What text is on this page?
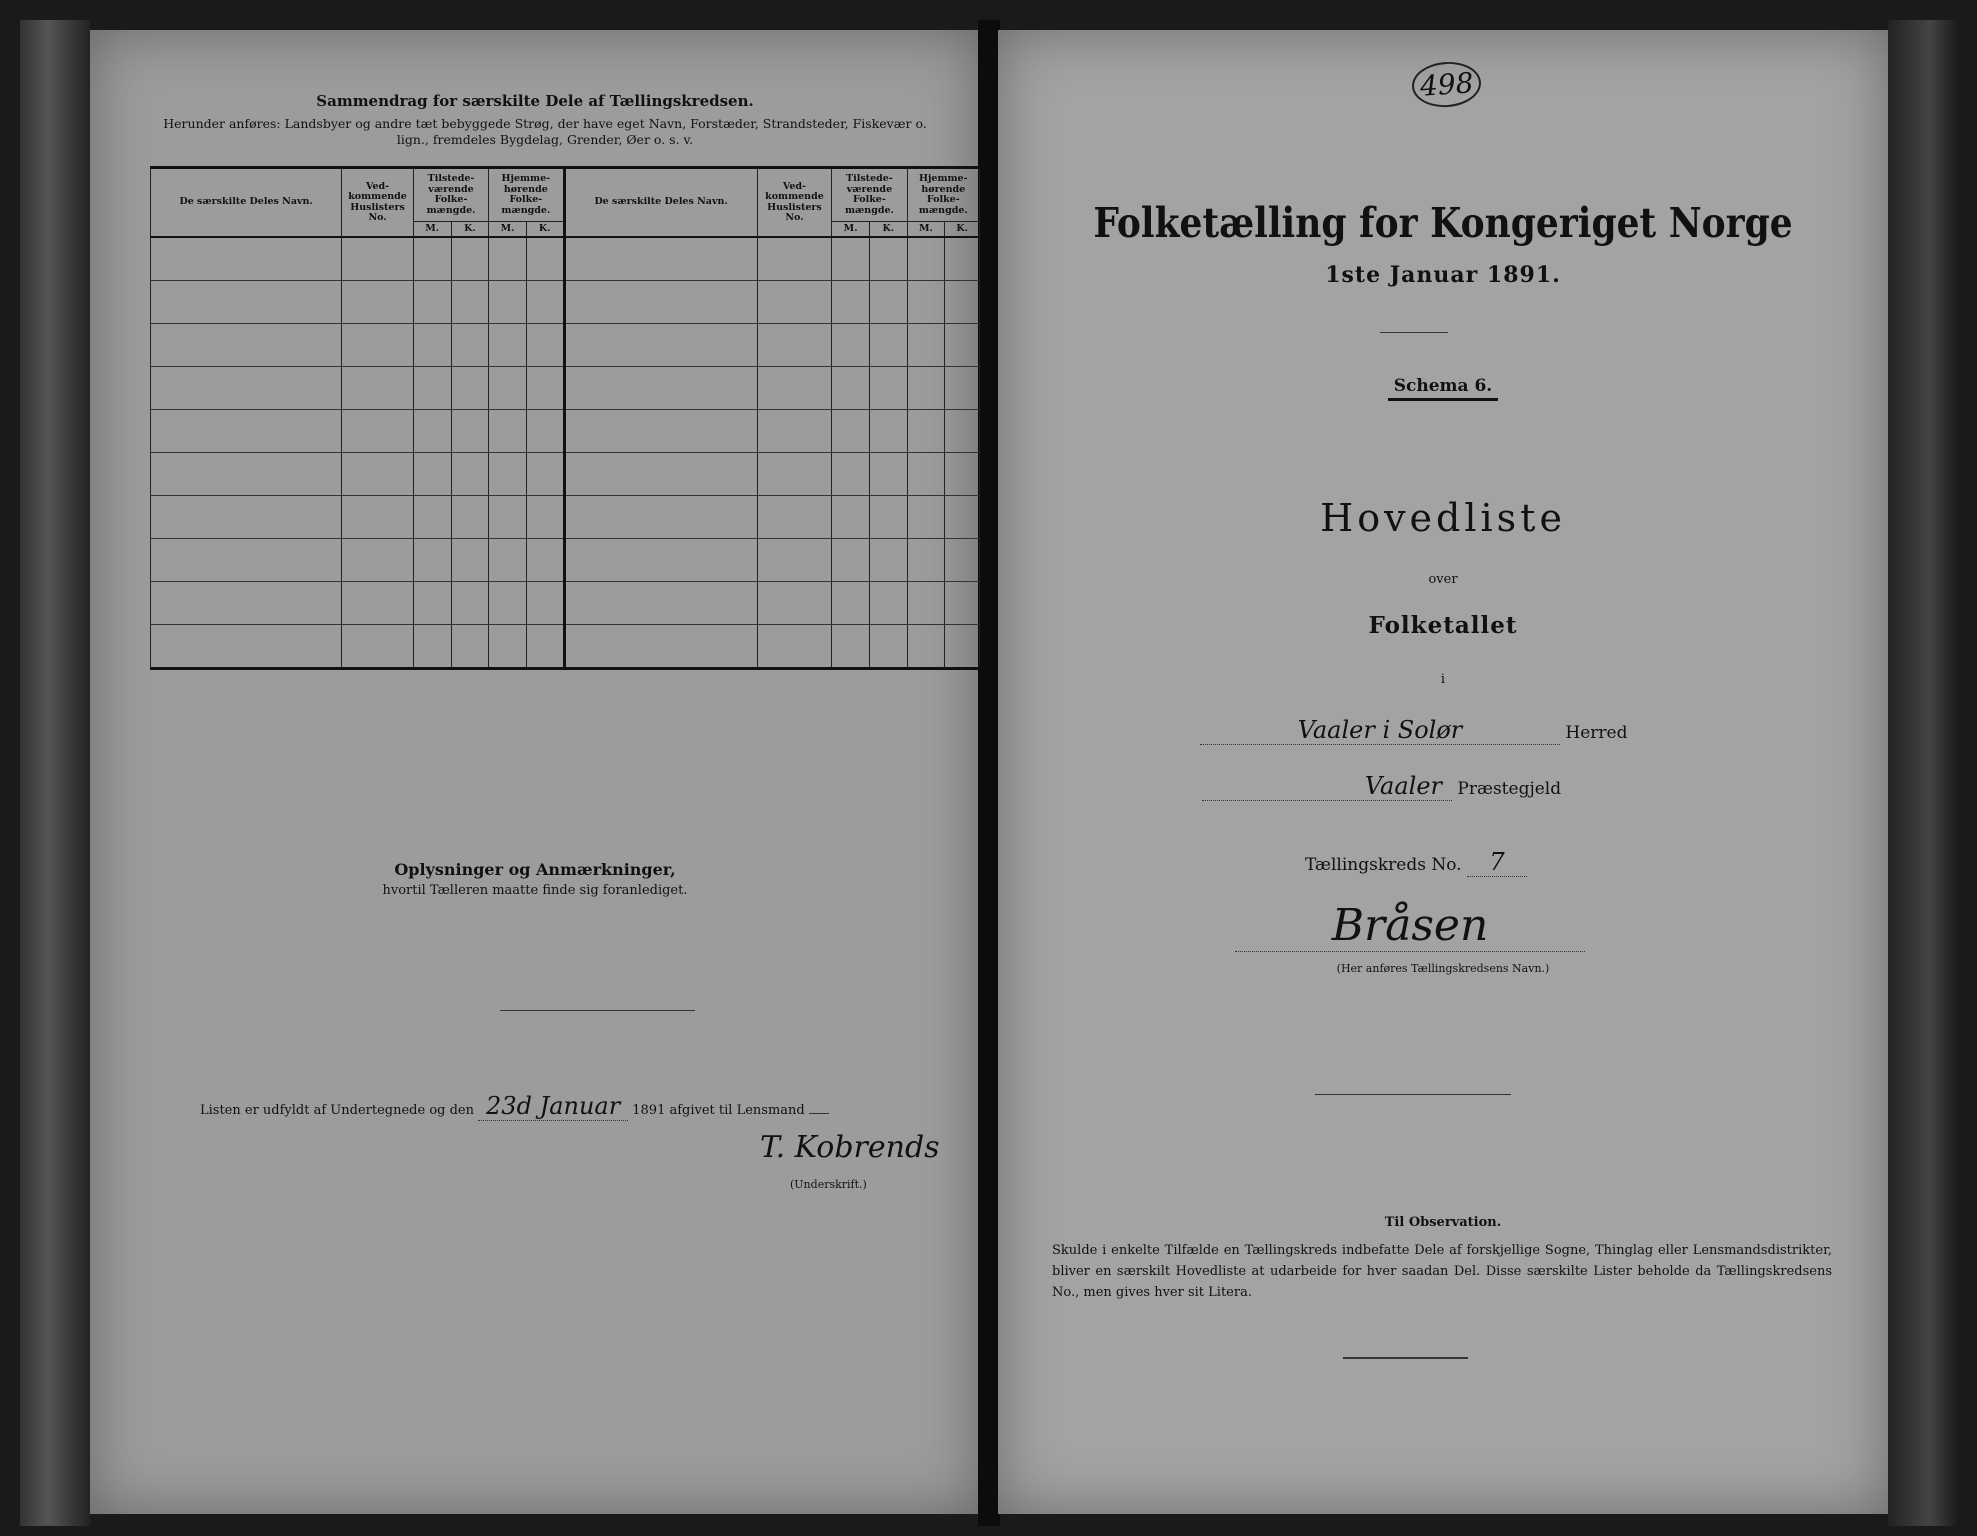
Sammendrag for særskilte Dele af Tællingskredsen.
Herunder anføres: Landsbyer og andre tæt bebyggede Strøg, der have eget Navn, Forstæder, Strandsteder, Fiskevær o. lign., fremdeles Bygdelag, Grender, Øer o. s. v.
De særskilte Deles Navn.	Ved-kommende Huslisters No.	Tilstede-værende Folke-mængde.		Hjemme-hørende Folke-mængde.		De særskilte Deles Navn.	Ved-kommende Huslisters No.	Tilstede-værende Folke-mængde.		Hjemme-hørende Folke-mængde.	
		M.	K.	M.	K.			M.	K.	M.	K.

Oplysninger og Anmærkninger,
hvortil Tælleren maatte finde sig foranlediget.
Listen er udfyldt af Undertegnede og den 23d Januar 1891 afgivet til Lensmand
T. Kobrends
(Underskrift.)
498
Folketælling for Kongeriget Norge
1ste Januar 1891.
Schema 6.
Hovedliste
over
Folketallet
i
Vaaler i Solør	Herred
Vaaler Præstegjeld
Tællingskreds No. 7
Bråsen
(Her anføres Tællingskredsens Navn.)
Til Observation.
Skulde i enkelte Tilfælde en Tællingskreds indbefatte Dele af forskjellige Sogne, Thinglag eller Lensmandsdistrikter, bliver en særskilt Hovedliste at udarbeide for hver saadan Del. Disse særskilte Lister beholde da Tællingskredsens No., men gives hver sit Litera.
